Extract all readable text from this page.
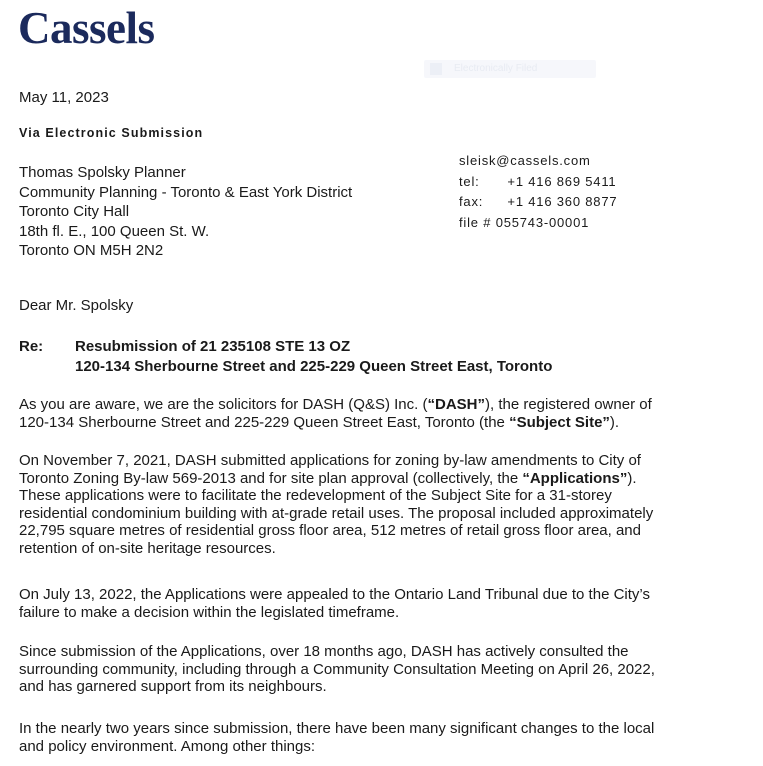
Cassels
Electronically Filed
May 11, 2023
Via Electronic Submission
Thomas Spolsky Planner
Community Planning - Toronto & East York District
Toronto City Hall
18th fl. E., 100 Queen St. W.
Toronto ON M5H 2N2
sleisk@cassels.com
tel: +1 416 869 5411
fax: +1 416 360 8877
file # 055743-00001
Dear Mr. Spolsky
Re: Resubmission of 21 235108 STE 13 OZ
120-134 Sherbourne Street and 225-229 Queen Street East, Toronto
As you are aware, we are the solicitors for DASH (Q&S) Inc. (“DASH”), the registered owner of
120-134 Sherbourne Street and 225-229 Queen Street East, Toronto (the “Subject Site”).
On November 7, 2021, DASH submitted applications for zoning by-law amendments to City of
Toronto Zoning By-law 569-2013 and for site plan approval (collectively, the “Applications”).
These applications were to facilitate the redevelopment of the Subject Site for a 31-storey
residential condominium building with at-grade retail uses. The proposal included approximately
22,795 square metres of residential gross floor area, 512 metres of retail gross floor area, and
retention of on-site heritage resources.
On July 13, 2022, the Applications were appealed to the Ontario Land Tribunal due to the City’s
failure to make a decision within the legislated timeframe.
Since submission of the Applications, over 18 months ago, DASH has actively consulted the
surrounding community, including through a Community Consultation Meeting on April 26, 2022,
and has garnered support from its neighbours.
In the nearly two years since submission, there have been many significant changes to the local
and policy environment. Among other things:
